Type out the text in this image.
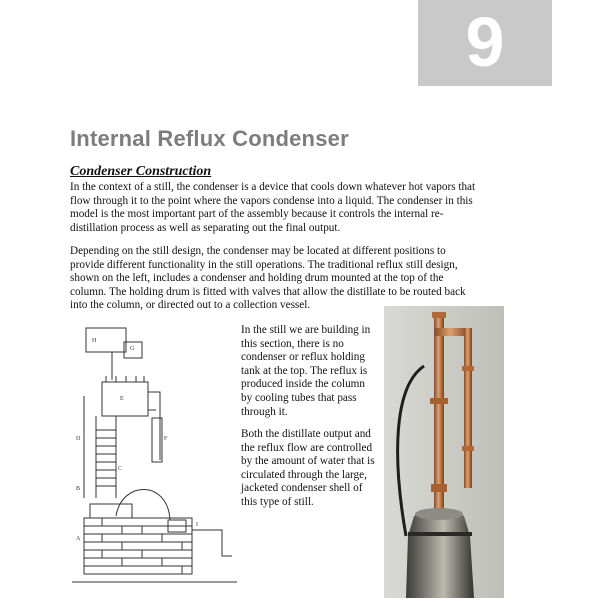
9
Internal Reflux Condenser
Condenser Construction
In the context of a still, the condenser is a device that cools down whatever hot vapors that flow through it to the point where the vapors condense into a liquid. The condenser in this model is the most important part of the assembly because it controls the internal re-distillation process as well as separating out the final output.
Depending on the still design, the condenser may be located at different positions to provide different functionality in the still operations. The traditional reflux still design, shown on the left, includes a condenser and holding drum mounted at the top of the column. The holding drum is fitted with valves that allow the distillate to be routed back into the column, or directed out to a collection vessel.
In the still we are building in this section, there is no condenser or reflux holding tank at the top. The reflux is produced inside the column by cooling tubes that pass through it.
Both the distillate output and the reflux flow are controlled by the amount of water that is circulated through the large, jacketed condenser shell of this type of still.
H
G
E
F
D
C
B
A
I
